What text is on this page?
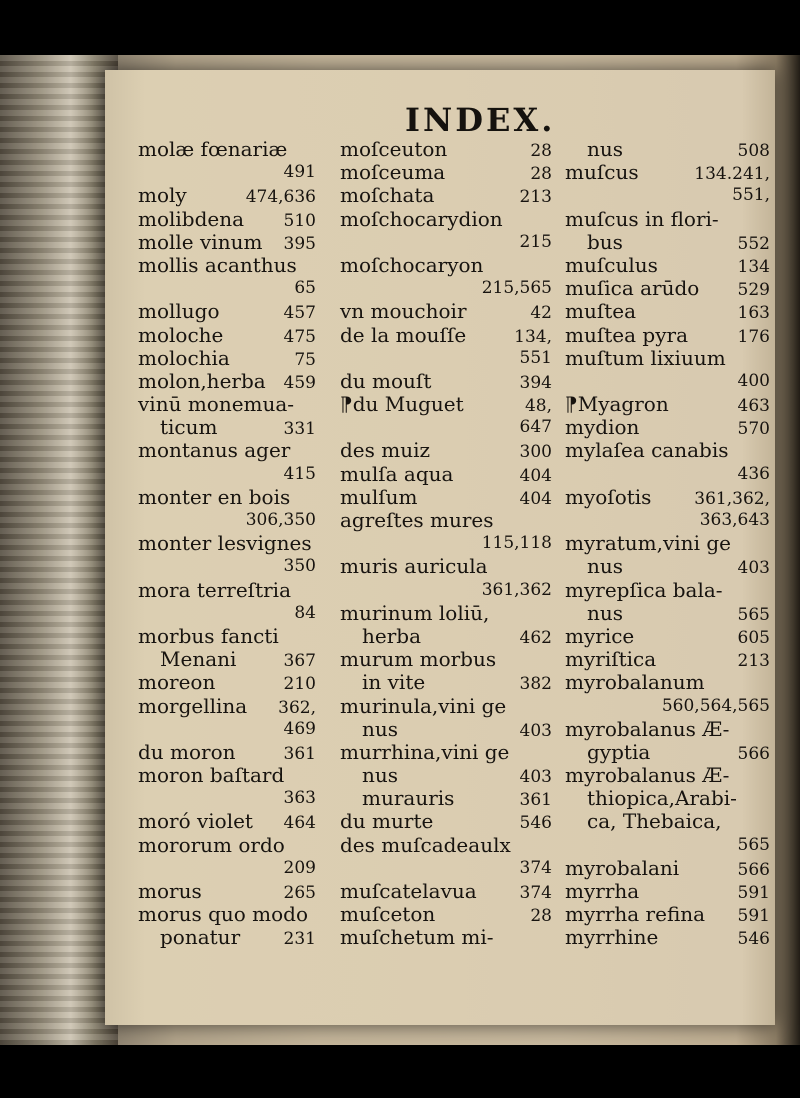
INDEX.
molæ fœnariæ
491
moly	474,636
molibdena 510
molle vinum 395
mollis acanthus
65
mollugo	457
moloche	475
molochia	75
molon,herba 459
vinū monemua-
ticum	331
montanus ager
415
monter en bois
306,350
monter lesvignes
350
mora terreſtria
84
morbus fancti
Menani	367
moreon	210
morgellina 362,
469
du moron	361
moron baſtard
363
moró violet 464
mororum ordo
209
morus	265
morus quo modo
ponatur	231
moſceuton	28
moſceuma	28
moſchata	213
moſchocarydion
215
moſchocaryon
215,565
vn mouchoir	42
de la mouſſe	134,
551
du mouſt	394
⁋du Muguet	48,
647
des muiz	300
mulſa aqua	404
mulſum	404
agreſtes mures
115,118
muris auricula
361,362
murinum loliū,
herba	462
murum morbus
in vite	382
murinula,vini ge
nus	403
murrhina,vini ge
nus	403
murauris	361
du murte	546
des muſcadeaulx
374
muſcatelavua	374
muſceton	28
muſchetum mi-
nus	508
muſcus	134.241,
551,
muſcus in flori-
bus	552
muſculus	134
muſica arūdo 529
muſtea	163
muſtea pyra	176
muſtum lixiuum
400
⁋Myagron	463
mydion	570
mylaſea canabis
436
myoſotis	361,362,
363,643
myratum,vini ge
nus	403
myrepſica bala-
nus	565
myrice	605
myriſtica	213
myrobalanum
560,564,565
myrobalanus Æ-
gyptia	566
myrobalanus Æ-
thiopica,Arabi-
ca, Thebaica,
565
myrobalani	566
myrrha	591
myrrha refina 591
myrrhine	546
